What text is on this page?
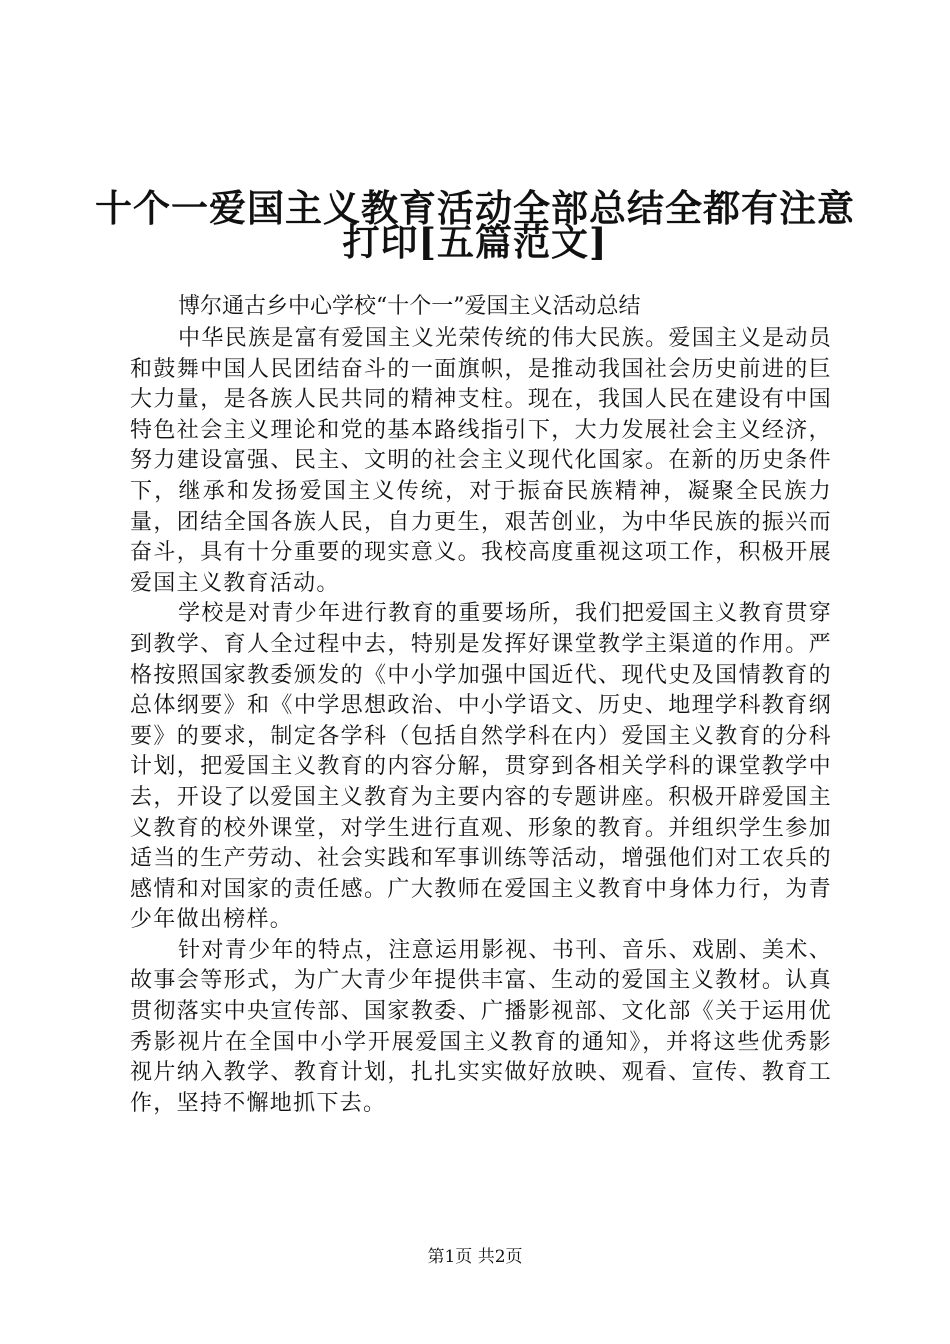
十个一爱国主义教育活动全部总结全都有注意
打印[五篇范文]
博尔通古乡中心学校“十个一”爱国主义活动总结

中华民族是富有爱国主义光荣传统的伟大民族。爱国主义是动员和鼓舞中国人民团结奋斗的一面旗帜，是推动我国社会历史前进的巨大力量，是各族人民共同的精神支柱。现在，我国人民在建设有中国特色社会主义理论和党的基本路线指引下，大力发展社会主义经济，努力建设富强、民主、文明的社会主义现代化国家。在新的历史条件下，继承和发扬爱国主义传统，对于振奋民族精神，凝聚全民族力量，团结全国各族人民，自力更生，艰苦创业，为中华民族的振兴而奋斗，具有十分重要的现实意义。我校高度重视这项工作，积极开展爱国主义教育活动。

学校是对青少年进行教育的重要场所，我们把爱国主义教育贯穿到教学、育人全过程中去，特别是发挥好课堂教学主渠道的作用。严格按照国家教委颁发的《中小学加强中国近代、现代史及国情教育的总体纲要》和《中学思想政治、中小学语文、历史、地理学科教育纲要》的要求，制定各学科（包括自然学科在内）爱国主义教育的分科计划，把爱国主义教育的内容分解，贯穿到各相关学科的课堂教学中去，开设了以爱国主义教育为主要内容的专题讲座。积极开辟爱国主义教育的校外课堂，对学生进行直观、形象的教育。并组织学生参加适当的生产劳动、社会实践和军事训练等活动，增强他们对工农兵的感情和对国家的责任感。广大教师在爱国主义教育中身体力行，为青少年做出榜样。

针对青少年的特点，注意运用影视、书刊、音乐、戏剧、美术、故事会等形式，为广大青少年提供丰富、生动的爱国主义教材。认真贯彻落实中央宣传部、国家教委、广播影视部、文化部《关于运用优秀影视片在全国中小学开展爱国主义教育的通知》，并将这些优秀影视片纳入教学、教育计划，扎扎实实做好放映、观看、宣传、教育工作，坚持不懈地抓下去。

第1页 共2页
